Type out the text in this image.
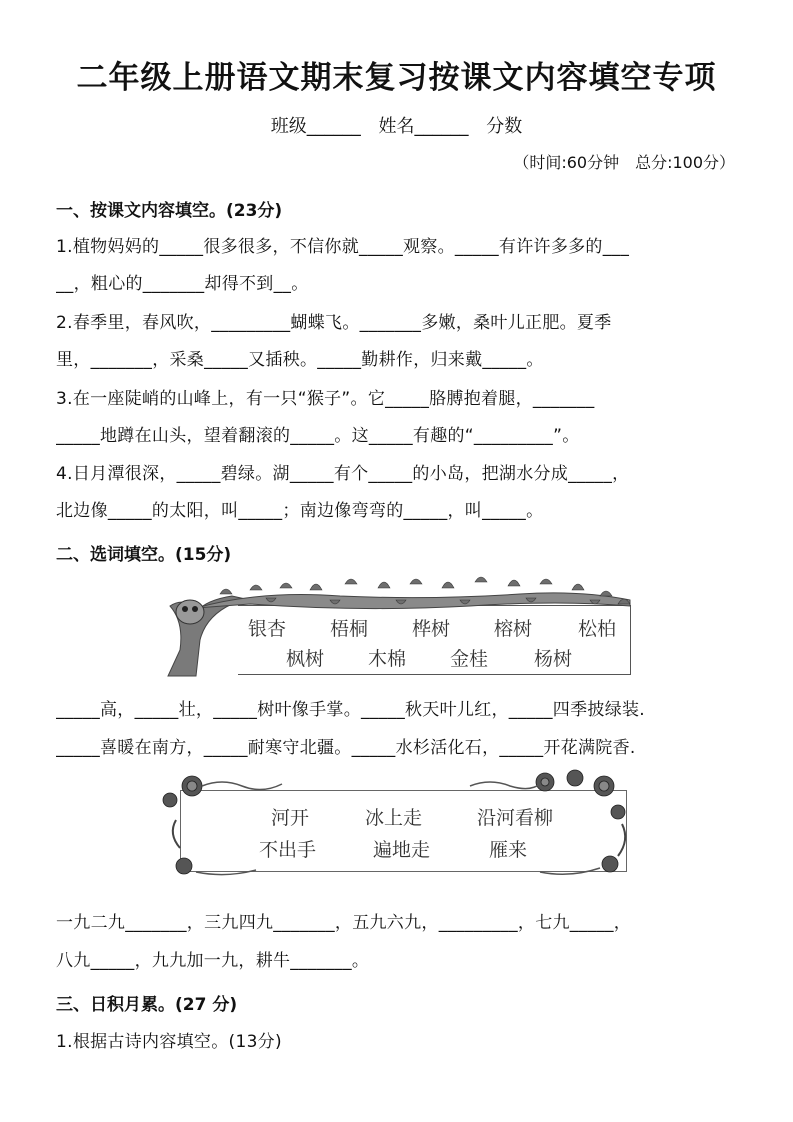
二年级上册语文期末复习按课文内容填空专项
班级______ 姓名______ 分数
（时间:60分钟　总分:100分）
一、按课文内容填空。(23分)
1.植物妈妈的_____很多很多，不信你就_____观察。_____有许许多多的___
__，粗心的_______却得不到__。
2.春季里，春风吹，_________蝴蝶飞。_______多嫩，桑叶儿正肥。夏季
里，_______，采桑_____又插秧。_____勤耕作，归来戴_____。
3.在一座陡峭的山峰上，有一只“猴子”。它_____胳膊抱着腿，_______
_____地蹲在山头，望着翻滚的_____。这_____有趣的“_________”。
4.日月潭很深，_____碧绿。湖_____有个_____的小岛，把湖水分成_____，
北边像_____的太阳，叫_____；南边像弯弯的_____，叫_____。
二、选词填空。(15分)
银杏 梧桐 桦树 榕树 松柏
枫树 木棉 金桂 杨树
_____高，_____壮，_____树叶像手掌。_____秋天叶儿红，_____四季披绿装.
_____喜暖在南方，_____耐寒守北疆。_____水杉活化石，_____开花满院香.
河开	冰上走	沿河看柳
不出手	遍地走	雁来
一九二九_______，三九四九_______，五九六九，_________，七九_____，
八九_____，九九加一九，耕牛_______。
三、日积月累。(27 分)
1.根据古诗内容填空。(13分)
